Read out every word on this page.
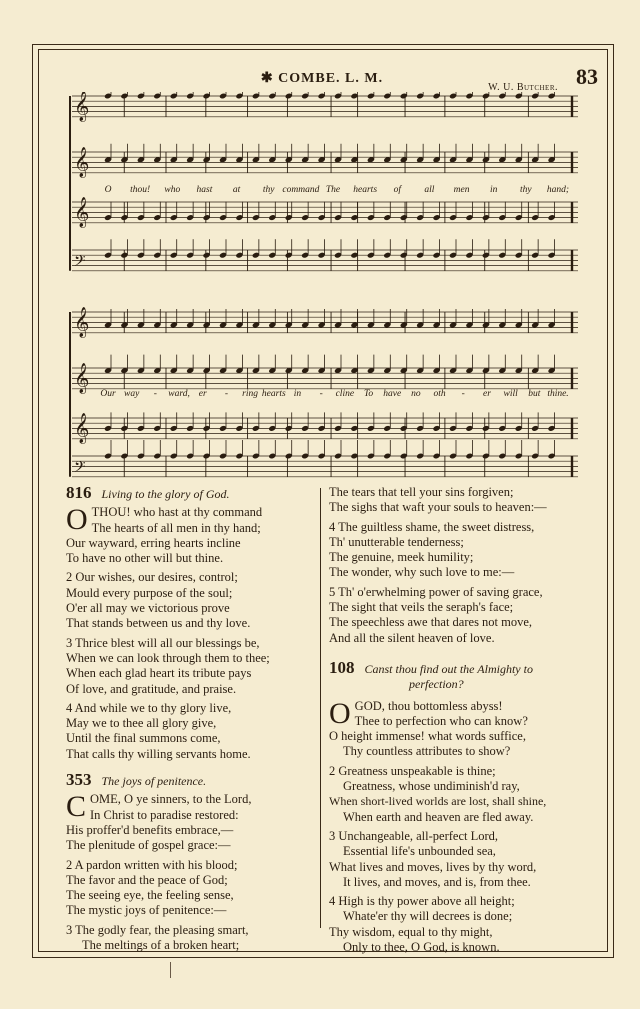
✱ COMBE. L. M.
W. U. Butcher. 83
𝄞
𝄞
𝄞
𝄢
O thou! who hast at thy command The hearts of all men in thy hand;
𝄞
𝄞
𝄞
𝄢
Our way - ward, er - ring hearts in - cline To have no oth - er will but thine.
816 Living to the glory of God.
OTHOU! who hast at thy command
The hearts of all men in thy hand;
Our wayward, erring hearts incline
To have no other will but thine.
2 Our wishes, our desires, control;
Mould every purpose of the soul;
O'er all may we victorious prove
That stands between us and thy love.
3 Thrice blest will all our blessings be,
When we can look through them to thee;
When each glad heart its tribute pays
Of love, and gratitude, and praise.
4 And while we to thy glory live,
May we to thee all glory give,
Until the final summons come,
That calls thy willing servants home.
353 The joys of penitence.
COME, O ye sinners, to the Lord,
In Christ to paradise restored:
His proffer'd benefits embrace,—
The plenitude of gospel grace:—
2 A pardon written with his blood;
The favor and the peace of God;
The seeing eye, the feeling sense,
The mystic joys of penitence:—
3 The godly fear, the pleasing smart,
The meltings of a broken heart;
The tears that tell your sins forgiven;
The sighs that waft your souls to heaven:—
4 The guiltless shame, the sweet distress,
Th' unutterable tenderness;
The genuine, meek humility;
The wonder, why such love to me:—
5 Th' o'erwhelming power of saving grace,
The sight that veils the seraph's face;
The speechless awe that dares not move,
And all the silent heaven of love.
108 Canst thou find out the Almighty to
perfection?
OGOD, thou bottomless abyss!
Thee to perfection who can know?
O height immense! what words suffice,
Thy countless attributes to show?
2 Greatness unspeakable is thine;
Greatness, whose undiminish'd ray,
When short-lived worlds are lost, shall shine,
When earth and heaven are fled away.
3 Unchangeable, all-perfect Lord,
Essential life's unbounded sea,
What lives and moves, lives by thy word,
It lives, and moves, and is, from thee.
4 High is thy power above all height;
Whate'er thy will decrees is done;
Thy wisdom, equal to thy might,
Only to thee, O God, is known.
